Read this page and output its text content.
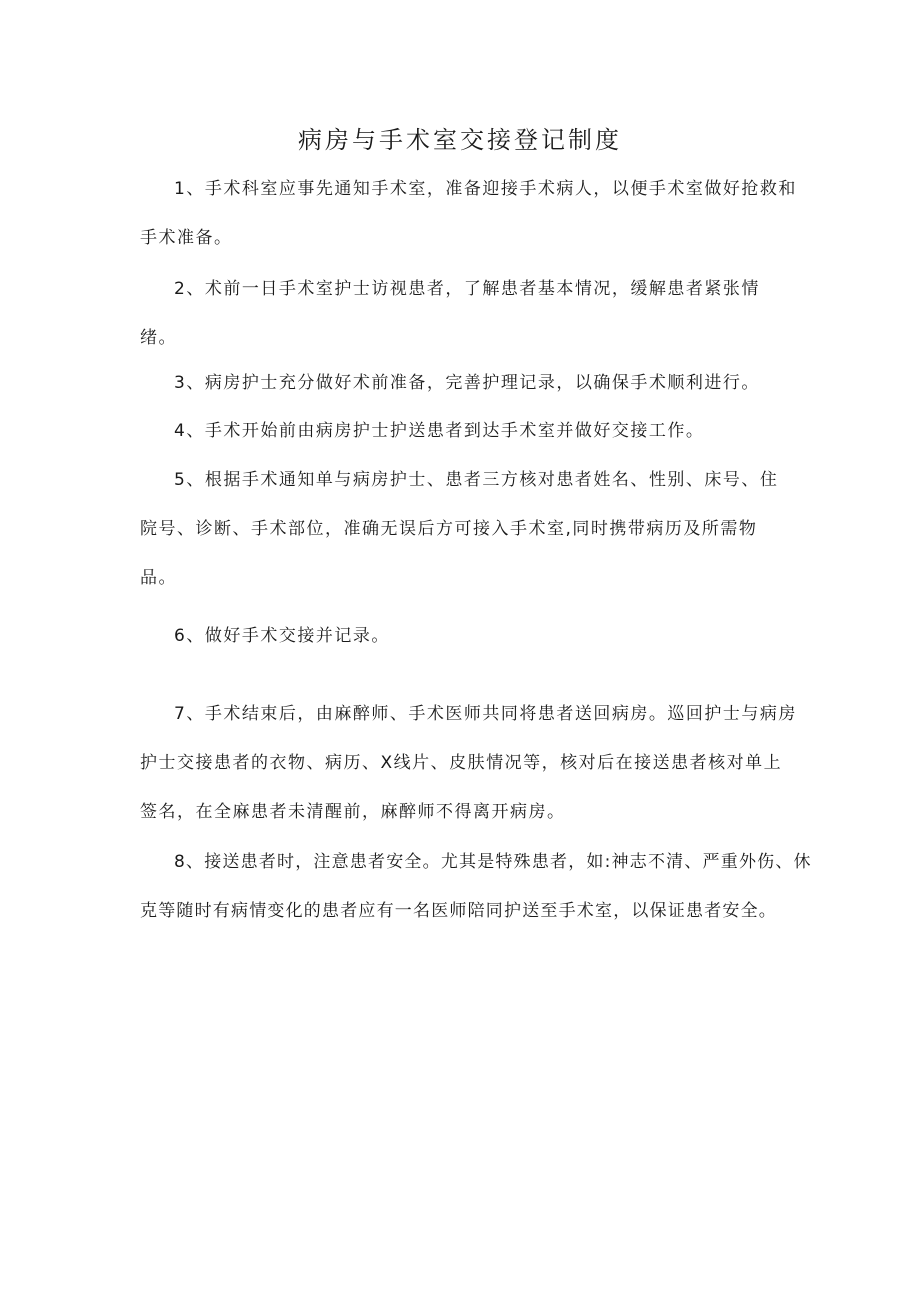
病房与手术室交接登记制度

1、手术科室应事先通知手术室，准备迎接手术病人，以便手术室做好抢救和手术准备。

2、术前一日手术室护士访视患者，了解患者基本情况，缓解患者紧张情绪。

3、病房护士充分做好术前准备，完善护理记录，以确保手术顺利进行。

4、手术开始前由病房护士护送患者到达手术室并做好交接工作。

5、根据手术通知单与病房护士、患者三方核对患者姓名、性别、床号、住院号、诊断、手术部位，准确无误后方可接入手术室,同时携带病历及所需物品。

6、做好手术交接并记录。

7、手术结束后，由麻醉师、手术医师共同将患者送回病房。巡回护士与病房护士交接患者的衣物、病历、X线片、皮肤情况等，核对后在接送患者核对单上签名，在全麻患者未清醒前，麻醉师不得离开病房。

8、接送患者时，注意患者安全。尤其是特殊患者，如:神志不清、严重外伤、休克等随时有病情变化的患者应有一名医师陪同护送至手术室，以保证患者安全。
